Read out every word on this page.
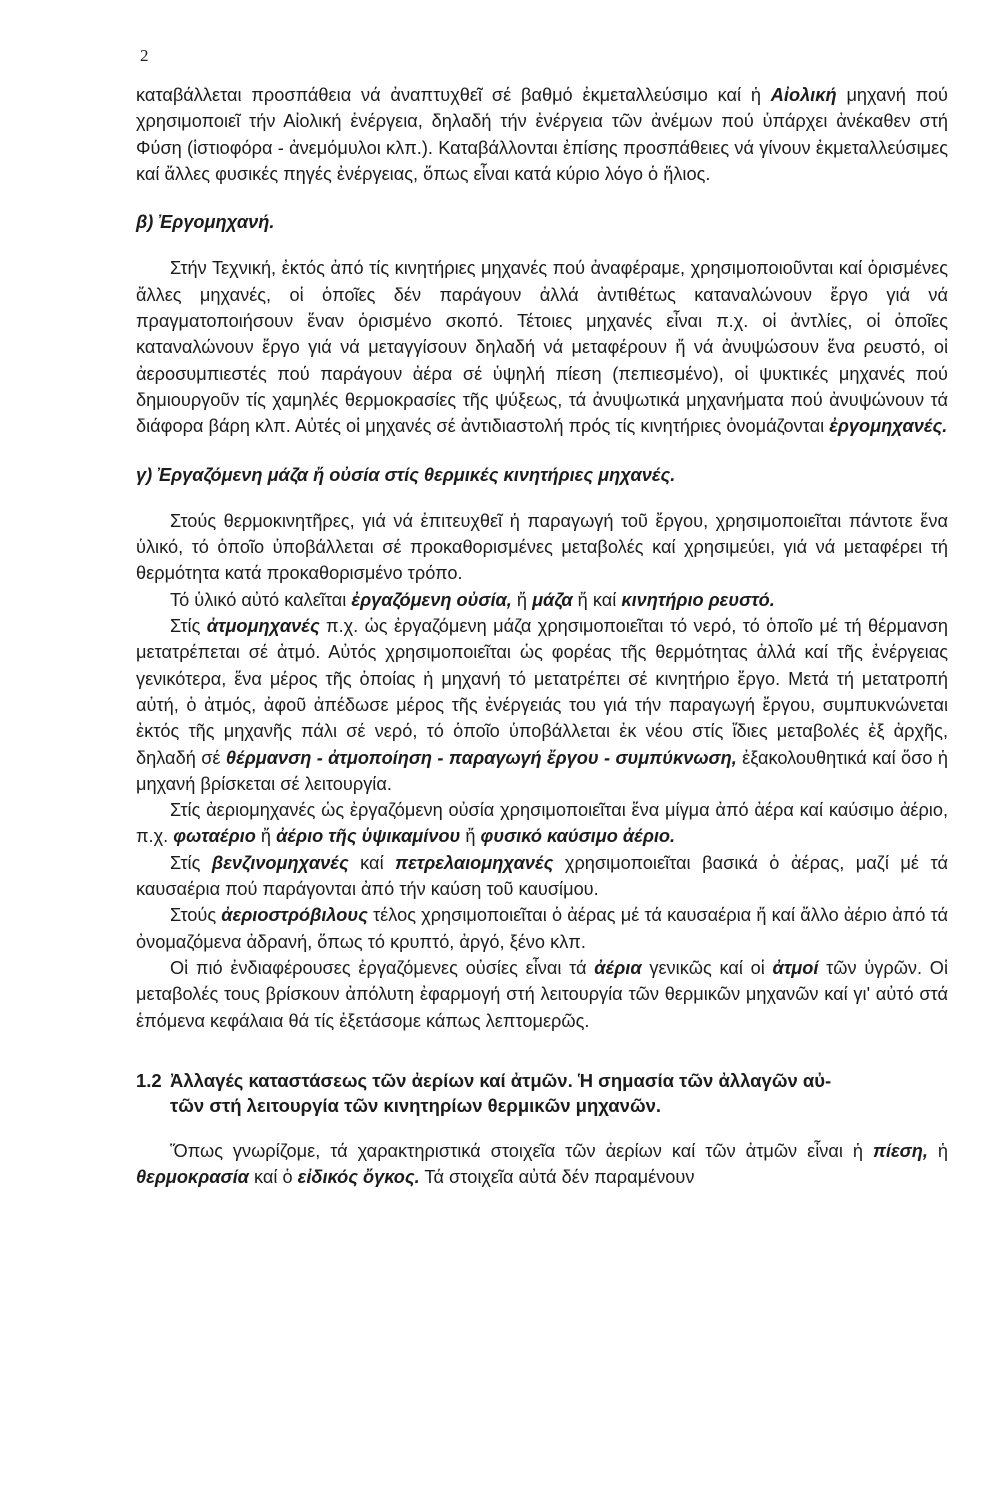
2

καταβάλλεται προσπάθεια νά ἀναπτυχθεῖ σέ βαθμό ἐκμεταλλεύσιμο καί ἡ Αἰολική μηχανή πού χρησιμοποιεῖ τήν Αἰολική ἐνέργεια, δηλαδή τήν ἐνέργεια τῶν ἀνέμων πού ὑπάρχει ἀνέκαθεν στή Φύση (ἱστιοφόρα - ἀνεμόμυλοι κλπ.). Καταβάλλονται ἐπίσης προσπάθειες νά γίνουν ἐκμεταλλεύσιμες καί ἄλλες φυσικές πηγές ἐνέργειας, ὅπως εἶναι κατά κύριο λόγο ὁ ἥλιος.

β) Ἐργομηχανή.

Στήν Τεχνική, ἐκτός ἀπό τίς κινητήριες μηχανές πού ἀναφέραμε, χρησιμοποιοῦνται καί ὁρισμένες ἄλλες μηχανές, οἱ ὁποῖες δέν παράγουν ἀλλά ἀντιθέτως καταναλώνουν ἔργο γιά νά πραγματοποιήσουν ἕναν ὁρισμένο σκοπό. Τέτοιες μηχανές εἶναι π.χ. οἱ ἀντλίες, οἱ ὁποῖες καταναλώνουν ἔργο γιά νά μεταγγίσουν δηλαδή νά μεταφέρουν ἤ νά ἀνυψώσουν ἕνα ρευστό, οἱ ἀεροσυμπιεστές πού παράγουν ἀέρα σέ ὑψηλή πίεση (πεπιεσμένο), οἱ ψυκτικές μηχανές πού δημιουργοῦν τίς χαμηλές θερμοκρασίες τῆς ψύξεως, τά ἀνυψωτικά μηχανήματα πού ἀνυψώνουν τά διάφορα βάρη κλπ. Αὐτές οἱ μηχανές σέ ἀντιδιαστολή πρός τίς κινητήριες ὀνομάζονται ἐργομηχανές.

γ) Ἐργαζόμενη μάζα ἤ οὐσία στίς θερμικές κινητήριες μηχανές.

Στούς θερμοκινητῆρες, γιά νά ἐπιτευχθεῖ ἡ παραγωγή τοῦ ἔργου, χρησιμοποιεῖται πάντοτε ἕνα ὑλικό, τό ὁποῖο ὑποβάλλεται σέ προκαθορισμένες μεταβολές καί χρησιμεύει, γιά νά μεταφέρει τή θερμότητα κατά προκαθορισμένο τρόπο.

Τό ὑλικό αὐτό καλεῖται ἐργαζόμενη οὐσία, ἤ μάζα ἤ καί κινητήριο ρευστό.

Στίς ἀτμομηχανές π.χ. ὡς ἐργαζόμενη μάζα χρησιμοποιεῖται τό νερό, τό ὁποῖο μέ τή θέρμανση μετατρέπεται σέ ἀτμό. Αὐτός χρησιμοποιεῖται ὡς φορέας τῆς θερμότητας ἀλλά καί τῆς ἐνέργειας γενικότερα, ἕνα μέρος τῆς ὁποίας ἡ μηχανή τό μετατρέπει σέ κινητήριο ἔργο. Μετά τή μετατροπή αὐτή, ὁ ἀτμός, ἀφοῦ ἀπέδωσε μέρος τῆς ἐνέργειάς του γιά τήν παραγωγή ἔργου, συμπυκνώνεται ἐκτός τῆς μηχανῆς πάλι σέ νερό, τό ὁποῖο ὑποβάλλεται ἐκ νέου στίς ἴδιες μεταβολές ἐξ ἀρχῆς, δηλαδή σέ θέρμανση - ἀτμοποίηση - παραγωγή ἔργου - συμπύκνωση, ἐξακολουθητικά καί ὅσο ἡ μηχανή βρίσκεται σέ λειτουργία.

Στίς ἀεριομηχανές ὡς ἐργαζόμενη οὐσία χρησιμοποιεῖται ἕνα μίγμα ἀπό ἀέρα καί καύσιμο ἀέριο, π.χ. φωταέριο ἤ ἀέριο τῆς ὑψικαμίνου ἤ φυσικό καύσιμο ἀέριο.

Στίς βενζινομηχανές καί πετρελαιομηχανές χρησιμοποιεῖται βασικά ὁ ἀέρας, μαζί μέ τά καυσαέρια πού παράγονται ἀπό τήν καύση τοῦ καυσίμου.

Στούς ἀεριοστρόβιλους τέλος χρησιμοποιεῖται ὁ ἀέρας μέ τά καυσαέρια ἤ καί ἄλλο ἀέριο ἀπό τά ὀνομαζόμενα ἀδρανή, ὅπως τό κρυπτό, ἀργό, ξένο κλπ.

Οἱ πιό ἐνδιαφέρουσες ἐργαζόμενες οὐσίες εἶναι τά ἀέρια γενικῶς καί οἱ ἀτμοί τῶν ὑγρῶν. Οἱ μεταβολές τους βρίσκουν ἀπόλυτη ἐφαρμογή στή λειτουργία τῶν θερμικῶν μηχανῶν καί γι' αὐτό στά ἑπόμενα κεφάλαια θά τίς ἐξετάσομε κάπως λεπτομερῶς.

1.2 Ἀλλαγές καταστάσεως τῶν ἀερίων καί ἀτμῶν. Ἡ σημασία τῶν ἀλλαγῶν αὐ-
τῶν στή λειτουργία τῶν κινητηρίων θερμικῶν μηχανῶν.

Ὅπως γνωρίζομε, τά χαρακτηριστικά στοιχεῖα τῶν ἀερίων καί τῶν ἀτμῶν εἶναι ἡ πίεση, ἡ θερμοκρασία καί ὁ εἰδικός ὄγκος. Τά στοιχεῖα αὐτά δέν παραμένουν
